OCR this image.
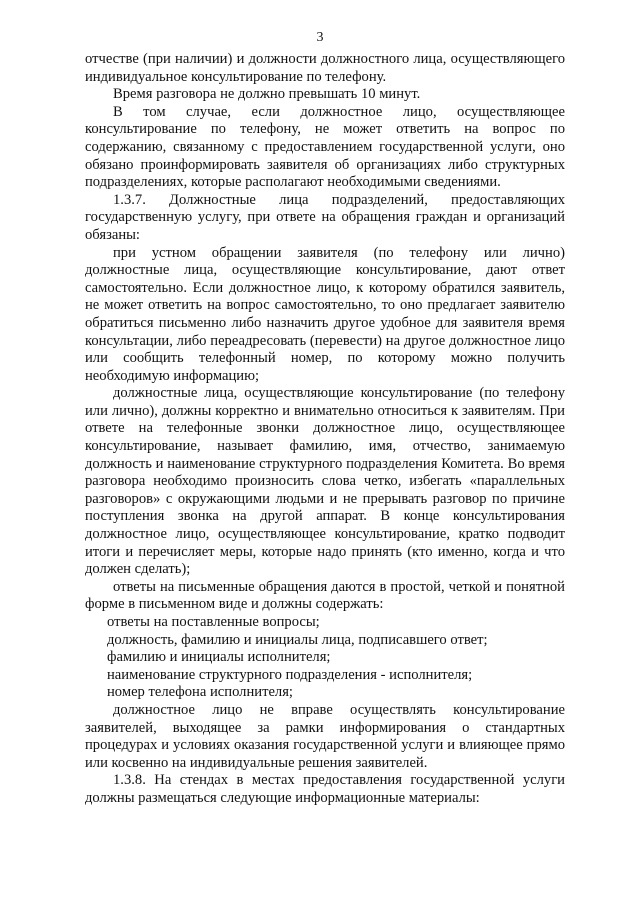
3

отчестве (при наличии) и должности должностного лица, осуществляющего индивидуальное консультирование по телефону.

Время разговора не должно превышать 10 минут.

В том случае, если должностное лицо, осуществляющее консультирование по телефону, не может ответить на вопрос по содержанию, связанному с предоставлением государственной услуги, оно обязано проинформировать заявителя об организациях либо структурных подразделениях, которые располагают необходимыми сведениями.

1.3.7. Должностные лица подразделений, предоставляющих государственную услугу, при ответе на обращения граждан и организаций обязаны:

при устном обращении заявителя (по телефону или лично) должностные лица, осуществляющие консультирование, дают ответ самостоятельно. Если должностное лицо, к которому обратился заявитель, не может ответить на вопрос самостоятельно, то оно предлагает заявителю обратиться письменно либо назначить другое удобное для заявителя время консультации, либо переадресовать (перевести) на другое должностное лицо или сообщить телефонный номер, по которому можно получить необходимую информацию;

должностные лица, осуществляющие консультирование (по телефону или лично), должны корректно и внимательно относиться к заявителям. При ответе на телефонные звонки должностное лицо, осуществляющее консультирование, называет фамилию, имя, отчество, занимаемую должность и наименование структурного подразделения Комитета. Во время разговора необходимо произносить слова четко, избегать «параллельных разговоров» с окружающими людьми и не прерывать разговор по причине поступления звонка на другой аппарат. В конце консультирования должностное лицо, осуществляющее консультирование, кратко подводит итоги и перечисляет меры, которые надо принять (кто именно, когда и что должен сделать);

ответы на письменные обращения даются в простой, четкой и понятной форме в письменном виде и должны содержать:

ответы на поставленные вопросы;

должность, фамилию и инициалы лица, подписавшего ответ;

фамилию и инициалы исполнителя;

наименование структурного подразделения - исполнителя;

номер телефона исполнителя;

должностное лицо не вправе осуществлять консультирование заявителей, выходящее за рамки информирования о стандартных процедурах и условиях оказания государственной услуги и влияющее прямо или косвенно на индивидуальные решения заявителей.

1.3.8. На стендах в местах предоставления государственной услуги должны размещаться следующие информационные материалы:
